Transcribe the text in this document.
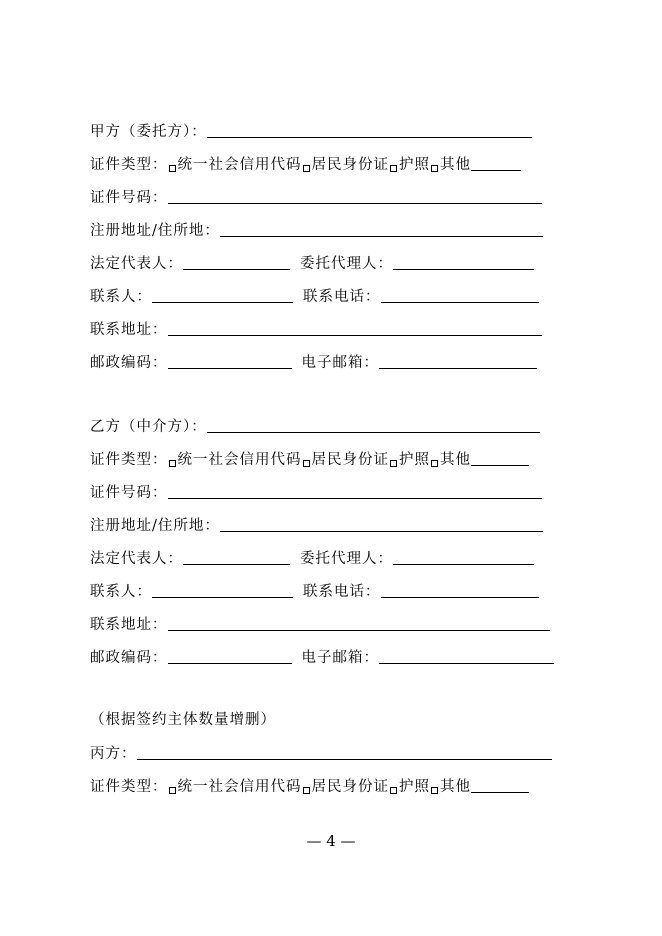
甲方（委托方）：
证件类型： 统一社会信用代码 居民身份证 护照 其他
证件号码：
注册地址/住所地：
法定代表人：	委托代理人：
联系人：	联系电话：
联系地址：
邮政编码：	电子邮箱：
乙方（中介方）：
证件类型： 统一社会信用代码 居民身份证 护照 其他
证件号码：
注册地址/住所地：
法定代表人：	委托代理人：
联系人：	联系电话：
联系地址：
邮政编码：	电子邮箱：
（根据签约主体数量增删）
丙方：
证件类型： 统一社会信用代码 居民身份证 护照 其他
— 4 —
